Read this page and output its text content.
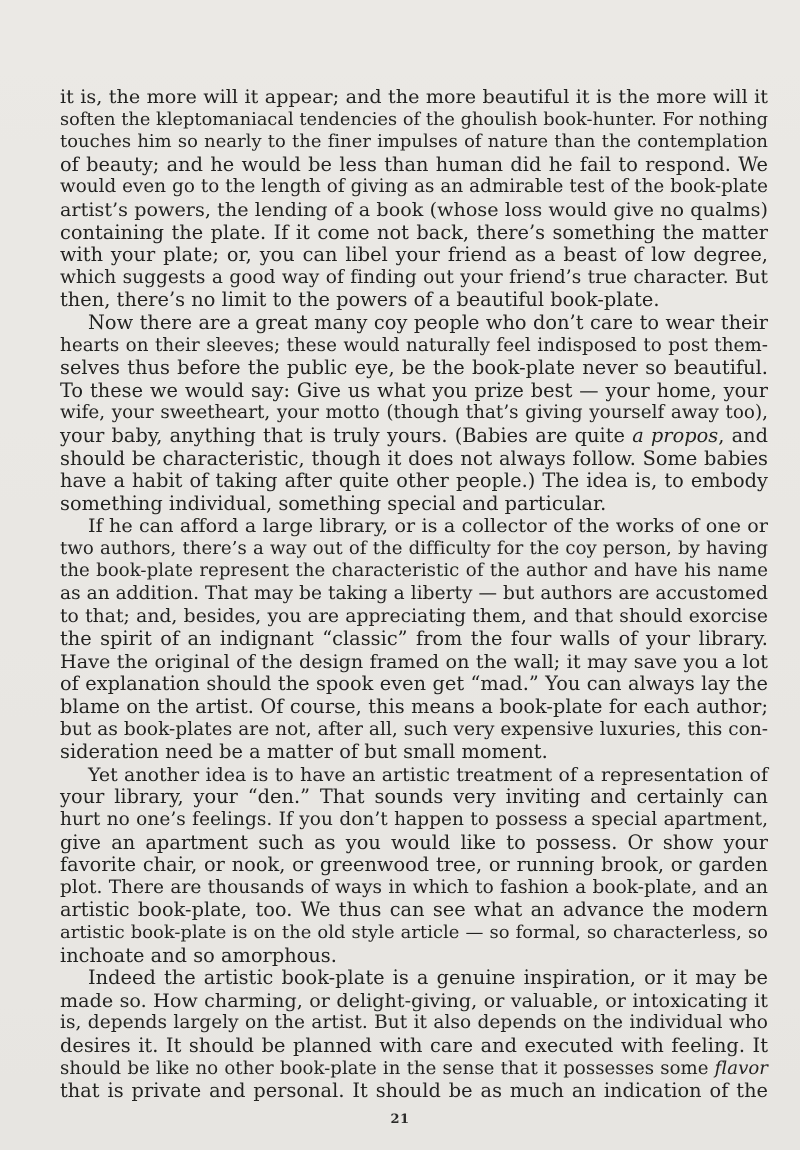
it is, the more will it appear; and the more beautiful it is the more will it
soften the kleptomaniacal tendencies of the ghoulish book-hunter. For nothing
touches him so nearly to the finer impulses of nature than the contemplation
of beauty; and he would be less than human did he fail to respond. We
would even go to the length of giving as an admirable test of the book-plate
artist’s powers, the lending of a book (whose loss would give no qualms)
containing the plate. If it come not back, there’s something the matter
with your plate; or, you can libel your friend as a beast of low degree,
which suggests a good way of finding out your friend’s true character. But
then, there’s no limit to the powers of a beautiful book-plate.
Now there are a great many coy people who don’t care to wear their
hearts on their sleeves; these would naturally feel indisposed to post them-
selves thus before the public eye, be the book-plate never so beautiful.
To these we would say: Give us what you prize best — your home, your
wife, your sweetheart, your motto (though that’s giving yourself away too),
your baby, anything that is truly yours. (Babies are quite a propos, and
should be characteristic, though it does not always follow. Some babies
have a habit of taking after quite other people.) The idea is, to embody
something individual, something special and particular.
If he can afford a large library, or is a collector of the works of one or
two authors, there’s a way out of the difficulty for the coy person, by having
the book-plate represent the characteristic of the author and have his name
as an addition. That may be taking a liberty — but authors are accustomed
to that; and, besides, you are appreciating them, and that should exorcise
the spirit of an indignant “classic” from the four walls of your library.
Have the original of the design framed on the wall; it may save you a lot
of explanation should the spook even get “mad.” You can always lay the
blame on the artist. Of course, this means a book-plate for each author;
but as book-plates are not, after all, such very expensive luxuries, this con-
sideration need be a matter of but small moment.
Yet another idea is to have an artistic treatment of a representation of
your library, your “den.” That sounds very inviting and certainly can
hurt no one’s feelings. If you don’t happen to possess a special apartment,
give an apartment such as you would like to possess. Or show your
favorite chair, or nook, or greenwood tree, or running brook, or garden
plot. There are thousands of ways in which to fashion a book-plate, and an
artistic book-plate, too. We thus can see what an advance the modern
artistic book-plate is on the old style article — so formal, so characterless, so
inchoate and so amorphous.
Indeed the artistic book-plate is a genuine inspiration, or it may be
made so. How charming, or delight-giving, or valuable, or intoxicating it
is, depends largely on the artist. But it also depends on the individual who
desires it. It should be planned with care and executed with feeling. It
should be like no other book-plate in the sense that it possesses some flavor
that is private and personal. It should be as much an indication of the
21
